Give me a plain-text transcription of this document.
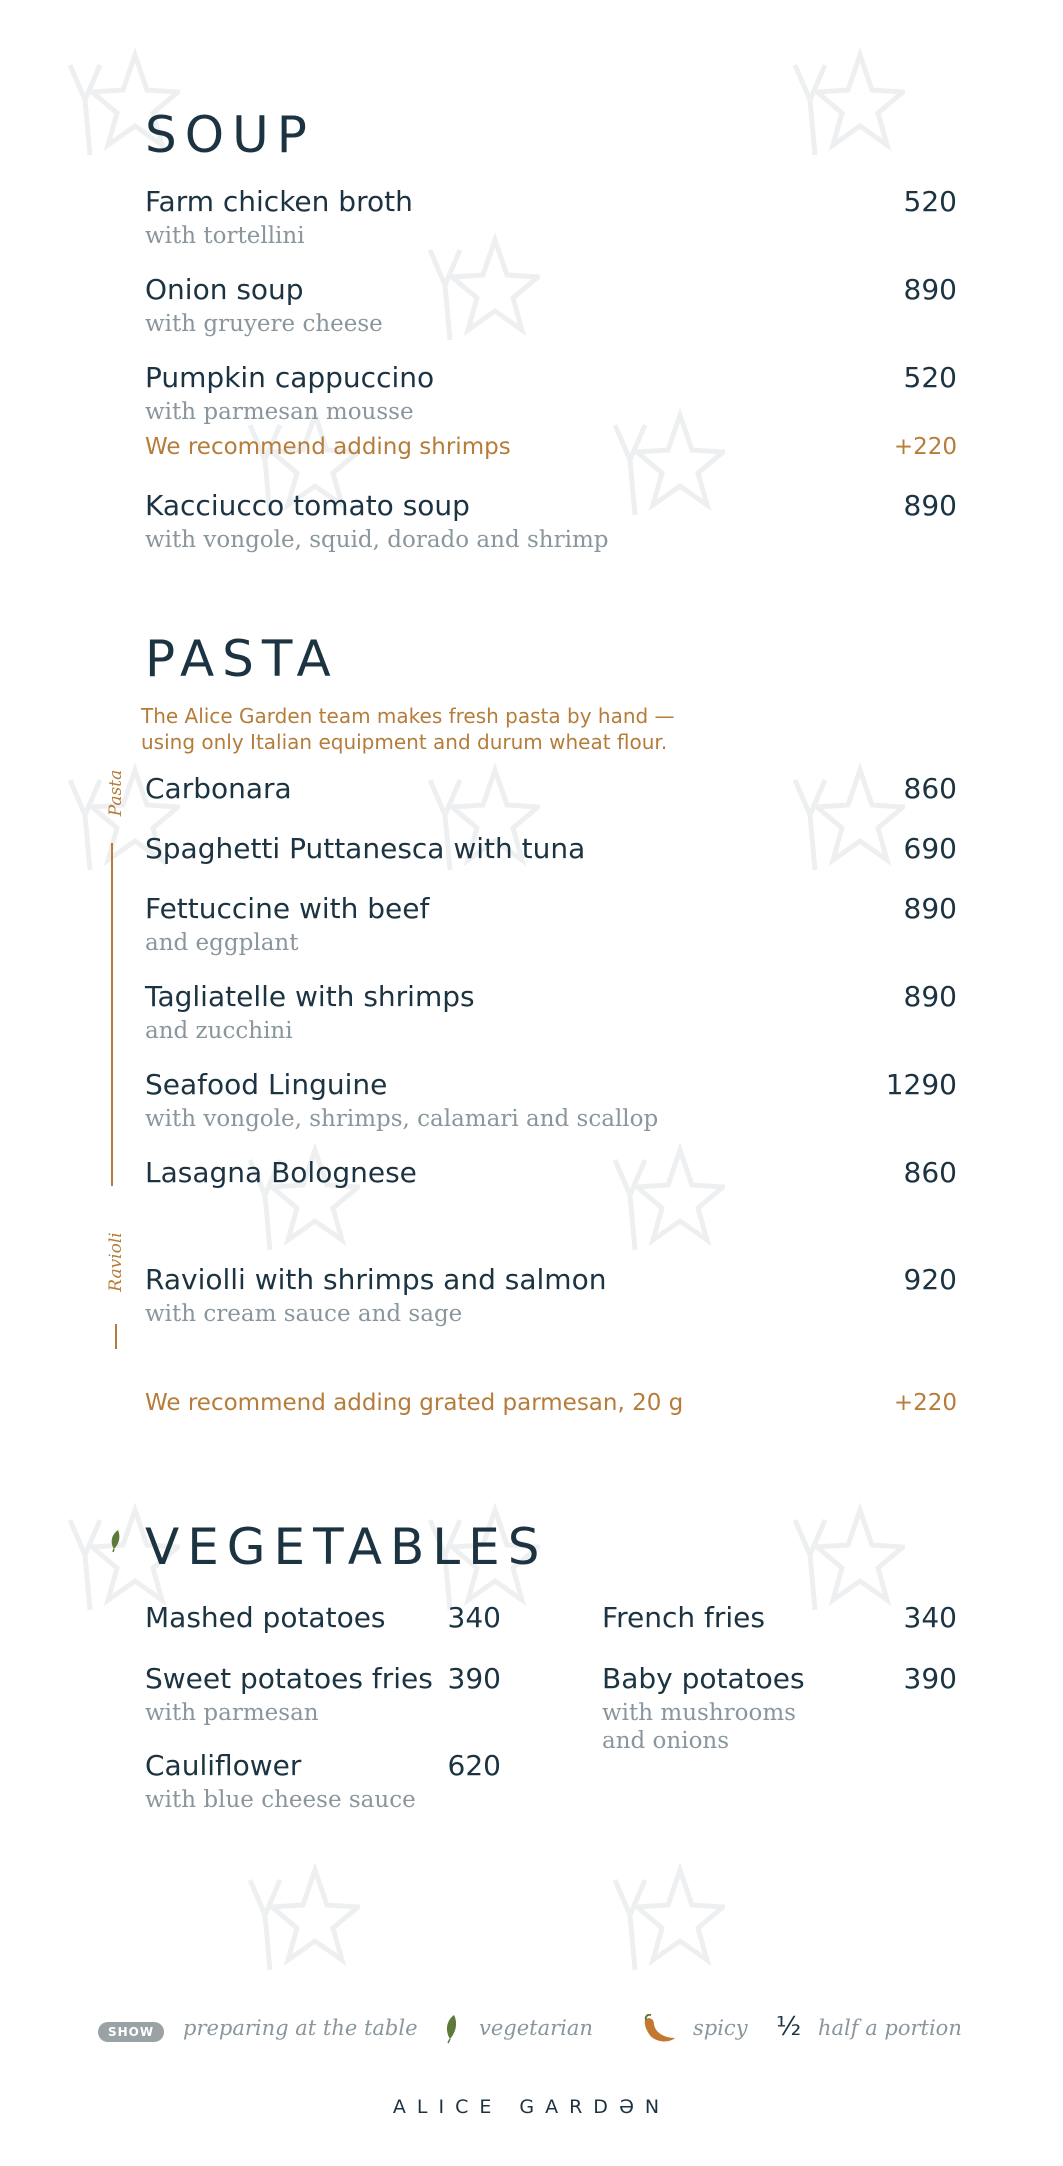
SOUP
Farm chicken broth
with tortellini
520
Onion soup
with gruyere cheese
890
Pumpkin cappuccino
with parmesan mousse
520
We recommend adding shrimps	+220
Kacciucco tomato soup
with vongole, squid, dorado and shrimp
890
PASTA
The Alice Garden team makes fresh pasta by hand —
using only Italian equipment and durum wheat flour.
Pasta
Ravioli
Carbonara	860
Spaghetti Puttanesca with tuna	690
Fettuccine with beef
and eggplant
890
Tagliatelle with shrimps
and zucchini
890
Seafood Linguine
with vongole, shrimps, calamari and scallop
1290
Lasagna Bolognese	860
Raviolli with shrimps and salmon
with cream sauce and sage
920
We recommend adding grated parmesan, 20 g	+220
VEGETABLES
Mashed potatoes 340
Sweet potatoes fries
with parmesan
390
Cauliflower
with blue cheese sauce
620
French fries	340
Baby potatoes
with mushrooms
and onions
390
SHOW	preparing at the table	vegetarian	spicy ½ half a portion
ALICE GARDƏN
